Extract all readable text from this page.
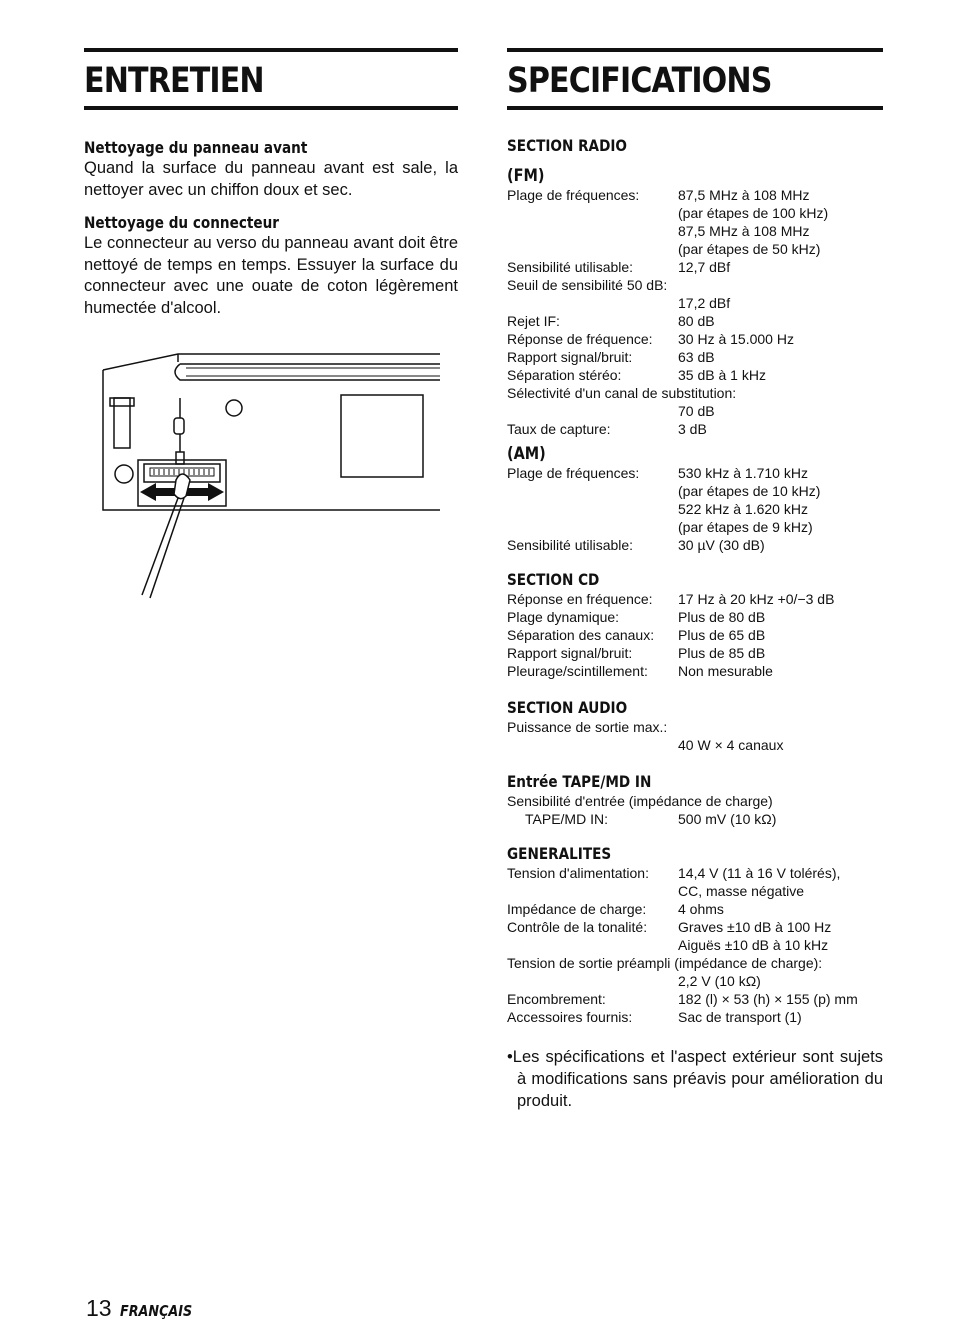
ENTRETIEN
Nettoyage du panneau avant
Quand la surface du panneau avant est sale, la nettoyer avec un chiffon doux et sec.
Nettoyage du connecteur
Le connecteur au verso du panneau avant doit être nettoyé de temps en temps. Essuyer la surface du connecteur avec une ouate de coton légèrement humectée d'alcool.
SPECIFICATIONS
SECTION RADIO
(FM)
Plage de fréquences:	87,5 MHz à 108 MHz
(par étapes de 100 kHz)
87,5 MHz à 108 MHz
(par étapes de 50 kHz)
Sensibilité utilisable:	12,7 dBf
Seuil de sensibilité 50 dB:
17,2 dBf
Rejet IF:	80 dB
Réponse de fréquence:	30 Hz à 15.000 Hz
Rapport signal/bruit:	63 dB
Séparation stéréo:	35 dB à 1 kHz
Sélectivité d'un canal de substitution:
70 dB
Taux de capture:	3 dB
(AM)
Plage de fréquences:	530 kHz à 1.710 kHz
(par étapes de 10 kHz)
522 kHz à 1.620 kHz
(par étapes de 9 kHz)
Sensibilité utilisable:	30 µV (30 dB)
SECTION CD
Réponse en fréquence:	17 Hz à 20 kHz +0/−3 dB
Plage dynamique:	Plus de 80 dB
Séparation des canaux:	Plus de 65 dB
Rapport signal/bruit:	Plus de 85 dB
Pleurage/scintillement:	Non mesurable
SECTION AUDIO
Puissance de sortie max.:
40 W × 4 canaux
Entrée TAPE/MD IN
Sensibilité d'entrée (impédance de charge)
TAPE/MD IN:	500 mV (10 kΩ)
GENERALITES
Tension d'alimentation:	14,4 V (11 à 16 V tolérés),
CC, masse négative
Impédance de charge:	4 ohms
Contrôle de la tonalité:	Graves ±10 dB à 100 Hz
Aiguës ±10 dB à 10 kHz
Tension de sortie préampli (impédance de charge):
2,2 V (10 kΩ)
Encombrement:	182 (l) × 53 (h) × 155 (p) mm
Accessoires fournis:	Sac de transport (1)
•Les spécifications et l'aspect extérieur sont sujets à modifications sans préavis pour amélioration du produit.
13 FRANÇAIS
